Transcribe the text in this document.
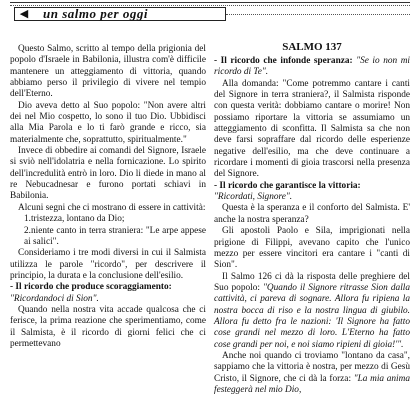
◀	un salmo per oggi

Questo Salmo, scritto al tempo della prigionia del popolo d'Israele in Babilonia, illustra com'è difficile mantenere un atteggiamento di vittoria, quando abbiamo perso il privilegio di vivere nel tempio dell'Eterno.

Dio aveva detto al Suo popolo: "Non avere altri dei nel Mio cospetto, lo sono il tuo Dio. Ubbidisci alla Mia Parola e lo ti farò grande e ricco, sia materialmente che, soprattutto, spiritualmente."

Invece di obbedire ai comandi del Signore, Israele si sviò nell'idolatria e nella fornicazione. Lo spirito dell'incredulità entrò in loro. Dio li diede in mano al re Nebucadnesar e furono portati schiavi in Babilonia.

Alcuni segni che ci mostrano di essere in cattività:

1.tristezza, lontano da Dio;

2.niente canto in terra straniera: "Le arpe appese ai salici".

Consideriamo i tre modi diversi in cui il Salmista utilizza le parole "ricordo", per descrivere il principio, la durata e la conclusione dell'esilio.

- Il ricordo che produce scoraggiamento:

"Ricordandoci di Sion".

Quando nella nostra vita accade qualcosa che ci ferisce, la prima reazione che sperimentiamo, come il Salmista, è il ricordo di giorni felici che ci permettevano

SALMO 137

- Il ricordo che infonde speranza: "Se io non mi ricordo di Te".

Alla domanda: "Come potremmo cantare i canti del Signore in terra straniera?, il Salmista risponde con questa verità: dobbiamo cantare o morire! Non possiamo riportare la vittoria se assumiamo un atteggiamento di sconfitta. Il Salmista sa che non deve farsi sopraffare dal ricordo delle esperienze negative dell'esilio, ma che deve continuare a ricordare i momenti di gioia trascorsi nella presenza del Signore.

- Il ricordo che garantisce la vittoria:

"Ricordati, Signore".

Questa è la speranza e il conforto del Salmista. E' anche la nostra speranza?

Gli apostoli Paolo e Sila, imprigionati nella prigione di Filippi, avevano capito che l'unico mezzo per essere vincitori era cantare i "canti di Sion".

Il Salmo 126 ci dà la risposta delle preghiere del Suo popolo: "Quando il Signore ritrasse Sion dalla cattività, ci pareva di sognare. Allora fu ripiena la nostra bocca di riso e la nostra lingua di giubilo. Allora fu detto fra le nazioni: 'Il Signore ha fatto cose grandi nel mezzo di loro. L'Eterno ha fatto cose grandi per noi, e noi siamo ripieni di gioia!'".

Anche noi quando ci troviamo "lontano da casa", sappiamo che la vittoria è nostra, per mezzo di Gesù Cristo, il Signore, che ci dà la forza: "La mia anima festeggerà nel mio Dio,
